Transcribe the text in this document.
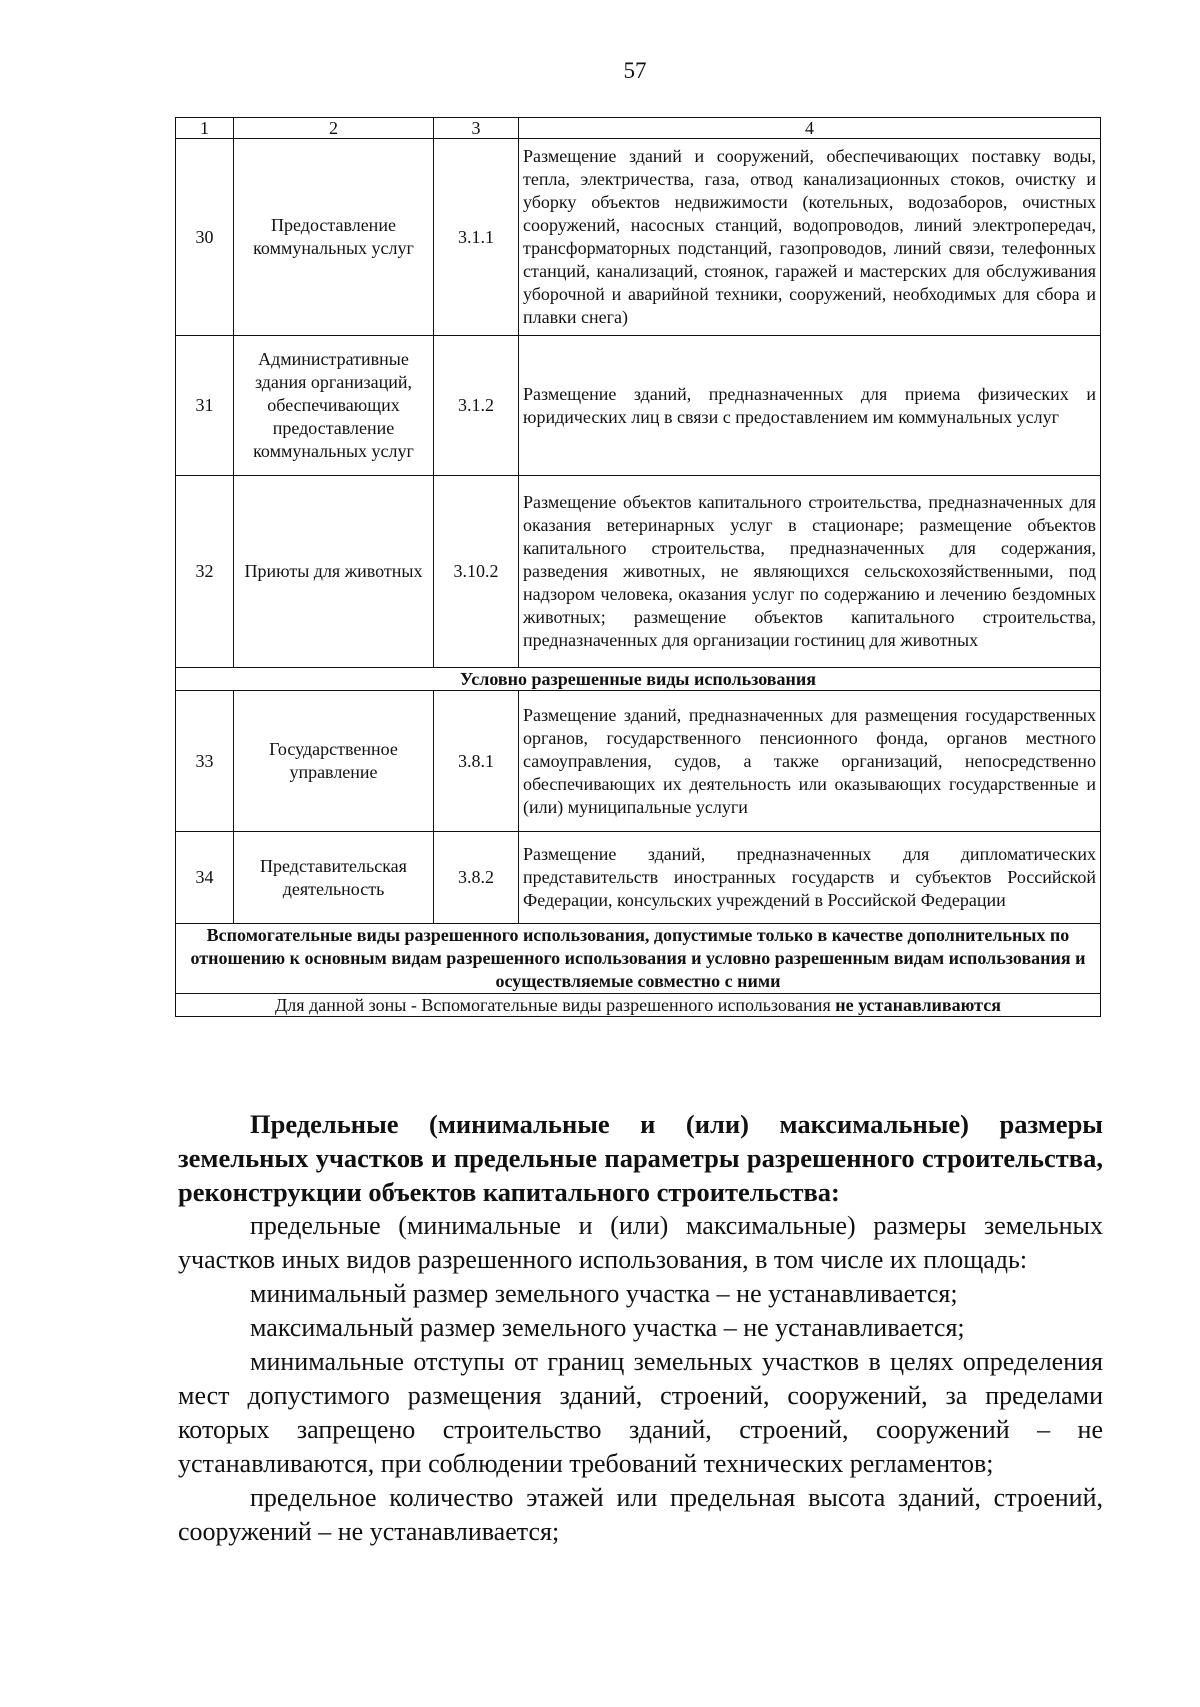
57
1	2	3	4
30	Предоставление коммунальных услуг	3.1.1	Размещение зданий и сооружений, обеспечивающих поставку воды, тепла, электричества, газа, отвод канализационных стоков, очистку и уборку объектов недвижимости (котельных, водозаборов, очистных сооружений, насосных станций, водопроводов, линий электропередач, трансформаторных подстанций, газопроводов, линий связи, телефонных станций, канализаций, стоянок, гаражей и мастерских для обслуживания уборочной и аварийной техники, сооружений, необходимых для сбора и плавки снега)
31	Административные здания организаций, обеспечивающих предоставление коммунальных услуг	3.1.2	Размещение зданий, предназначенных для приема физических и юридических лиц в связи с предоставлением им коммунальных услуг
32	Приюты для животных	3.10.2	Размещение объектов капитального строительства, предназначенных для оказания ветеринарных услуг в стационаре; размещение объектов капитального строительства, предназначенных для содержания, разведения животных, не являющихся сельскохозяйственными, под надзором человека, оказания услуг по содержанию и лечению бездомных животных; размещение объектов капитального строительства, предназначенных для организации гостиниц для животных
Условно разрешенные виды использования			
33	Государственное управление	3.8.1	Размещение зданий, предназначенных для размещения государственных органов, государственного пенсионного фонда, органов местного самоуправления, судов, а также организаций, непосредственно обеспечивающих их деятельность или оказывающих государственные и (или) муниципальные услуги
34	Представительская деятельность	3.8.2	Размещение зданий, предназначенных для дипломатических представительств иностранных государств и субъектов Российской Федерации, консульских учреждений в Российской Федерации
Вспомогательные виды разрешенного использования, допустимые только в качестве дополнительных по отношению к основным видам разрешенного использования и условно разрешенным видам использования и осуществляемые совместно с ними			
Для данной зоны - Вспомогательные виды разрешенного использования не устанавливаются			
Предельные (минимальные и (или) максимальные) размеры земельных участков и предельные параметры разрешенного строительства, реконструкции объектов капитального строительства:

предельные (минимальные и (или) максимальные) размеры земельных участков иных видов разрешенного использования, в том числе их площадь:

минимальный размер земельного участка – не устанавливается;

максимальный размер земельного участка – не устанавливается;

минимальные отступы от границ земельных участков в целях определения мест допустимого размещения зданий, строений, сооружений, за пределами которых запрещено строительство зданий, строений, сооружений – не устанавливаются, при соблюдении требований технических регламентов;

предельное количество этажей или предельная высота зданий, строений, сооружений – не устанавливается;
